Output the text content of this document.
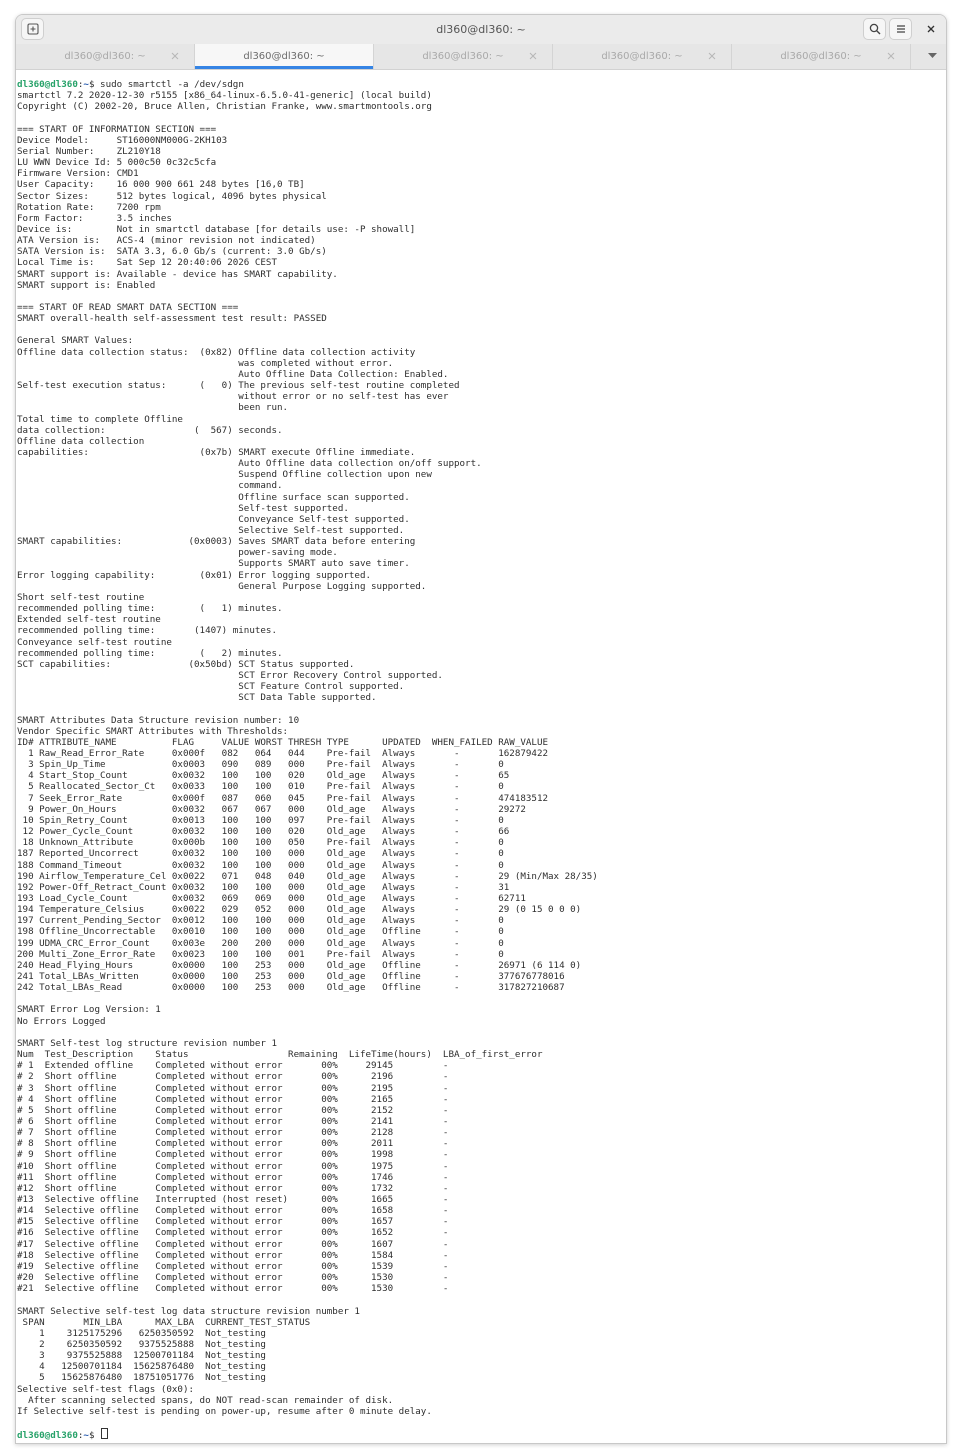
dl360@dl360: ~
dl360@dl360: ~	dl360@dl360: ~	dl360@dl360: ~	dl360@dl360: ~	dl360@dl360: ~
dl360@dl360:~$ sudo smartctl -a /dev/sdgn
smartctl 7.2 2020-12-30 r5155 [x86_64-linux-6.5.0-41-generic] (local build)
Copyright (C) 2002-20, Bruce Allen, Christian Franke, www.smartmontools.org
=== START OF INFORMATION SECTION ===
Device Model:     ST16000NM000G-2KH103
Serial Number:    ZL210Y18
LU WWN Device Id: 5 000c50 0c32c5cfa
Firmware Version: CMD1
User Capacity:    16 000 900 661 248 bytes [16,0 TB]
Sector Sizes:     512 bytes logical, 4096 bytes physical
Rotation Rate:    7200 rpm
Form Factor:      3.5 inches
Device is:        Not in smartctl database [for details use: -P showall]
ATA Version is:   ACS-4 (minor revision not indicated)
SATA Version is:  SATA 3.3, 6.0 Gb/s (current: 3.0 Gb/s)
Local Time is:    Sat Sep 12 20:40:06 2026 CEST
SMART support is: Available - device has SMART capability.
SMART support is: Enabled
=== START OF READ SMART DATA SECTION ===
SMART overall-health self-assessment test result: PASSED
General SMART Values:
Offline data collection status:  (0x82) Offline data collection activity
was completed without error.
Auto Offline Data Collection: Enabled.
Self-test execution status:      (   0) The previous self-test routine completed
without error or no self-test has ever
been run.
Total time to complete Offline
data collection:                (  567) seconds.
Offline data collection
capabilities:                    (0x7b) SMART execute Offline immediate.
Auto Offline data collection on/off support.
Suspend Offline collection upon new
command.
Offline surface scan supported.
Self-test supported.
Conveyance Self-test supported.
Selective Self-test supported.
SMART capabilities:            (0x0003) Saves SMART data before entering
power-saving mode.
Supports SMART auto save timer.
Error logging capability:        (0x01) Error logging supported.
General Purpose Logging supported.
Short self-test routine
recommended polling time:        (   1) minutes.
Extended self-test routine
recommended polling time:       (1407) minutes.
Conveyance self-test routine
recommended polling time:        (   2) minutes.
SCT capabilities:              (0x50bd) SCT Status supported.
SCT Error Recovery Control supported.
SCT Feature Control supported.
SCT Data Table supported.
SMART Attributes Data Structure revision number: 10
Vendor Specific SMART Attributes with Thresholds:
ID# ATTRIBUTE_NAME          FLAG     VALUE WORST THRESH TYPE      UPDATED  WHEN_FAILED RAW_VALUE
1 Raw_Read_Error_Rate     0x000f   082   064   044    Pre-fail  Always       -       162879422
3 Spin_Up_Time            0x0003   090   089   000    Pre-fail  Always       -       0
4 Start_Stop_Count        0x0032   100   100   020    Old_age   Always       -       65
5 Reallocated_Sector_Ct   0x0033   100   100   010    Pre-fail  Always       -       0
7 Seek_Error_Rate         0x000f   087   060   045    Pre-fail  Always       -       474183512
9 Power_On_Hours          0x0032   067   067   000    Old_age   Always       -       29272
10 Spin_Retry_Count        0x0013   100   100   097    Pre-fail  Always       -       0
12 Power_Cycle_Count       0x0032   100   100   020    Old_age   Always       -       66
18 Unknown_Attribute       0x000b   100   100   050    Pre-fail  Always       -       0
187 Reported_Uncorrect      0x0032   100   100   000    Old_age   Always       -       0
188 Command_Timeout         0x0032   100   100   000    Old_age   Always       -       0
190 Airflow_Temperature_Cel 0x0022   071   048   040    Old_age   Always       -       29 (Min/Max 28/35)
192 Power-Off_Retract_Count 0x0032   100   100   000    Old_age   Always       -       31
193 Load_Cycle_Count        0x0032   069   069   000    Old_age   Always       -       62711
194 Temperature_Celsius     0x0022   029   052   000    Old_age   Always       -       29 (0 15 0 0 0)
197 Current_Pending_Sector  0x0012   100   100   000    Old_age   Always       -       0
198 Offline_Uncorrectable   0x0010   100   100   000    Old_age   Offline      -       0
199 UDMA_CRC_Error_Count    0x003e   200   200   000    Old_age   Always       -       0
200 Multi_Zone_Error_Rate   0x0023   100   100   001    Pre-fail  Always       -       0
240 Head_Flying_Hours       0x0000   100   253   000    Old_age   Offline      -       26971 (6 114 0)
241 Total_LBAs_Written      0x0000   100   253   000    Old_age   Offline      -       377676778016
242 Total_LBAs_Read         0x0000   100   253   000    Old_age   Offline      -       317827210687
SMART Error Log Version: 1
No Errors Logged
SMART Self-test log structure revision number 1
Num  Test_Description    Status                  Remaining  LifeTime(hours)  LBA_of_first_error
# 1  Extended offline    Completed without error       00%     29145         -
# 2  Short offline       Completed without error       00%      2196         -
# 3  Short offline       Completed without error       00%      2195         -
# 4  Short offline       Completed without error       00%      2165         -
# 5  Short offline       Completed without error       00%      2152         -
# 6  Short offline       Completed without error       00%      2141         -
# 7  Short offline       Completed without error       00%      2128         -
# 8  Short offline       Completed without error       00%      2011         -
# 9  Short offline       Completed without error       00%      1998         -
#10  Short offline       Completed without error       00%      1975         -
#11  Short offline       Completed without error       00%      1746         -
#12  Short offline       Completed without error       00%      1732         -
#13  Selective offline   Interrupted (host reset)      00%      1665         -
#14  Selective offline   Completed without error       00%      1658         -
#15  Selective offline   Completed without error       00%      1657         -
#16  Selective offline   Completed without error       00%      1652         -
#17  Selective offline   Completed without error       00%      1607         -
#18  Selective offline   Completed without error       00%      1584         -
#19  Selective offline   Completed without error       00%      1539         -
#20  Selective offline   Completed without error       00%      1530         -
#21  Selective offline   Completed without error       00%      1530         -
SMART Selective self-test log data structure revision number 1
SPAN       MIN_LBA      MAX_LBA  CURRENT_TEST_STATUS
1    3125175296   6250350592  Not_testing
2    6250350592   9375525888  Not_testing
3    9375525888  12500701184  Not_testing
4   12500701184  15625876480  Not_testing
5   15625876480  18751051776  Not_testing
Selective self-test flags (0x0):
After scanning selected spans, do NOT read-scan remainder of disk.
If Selective self-test is pending on power-up, resume after 0 minute delay.
dl360@dl360:~$
